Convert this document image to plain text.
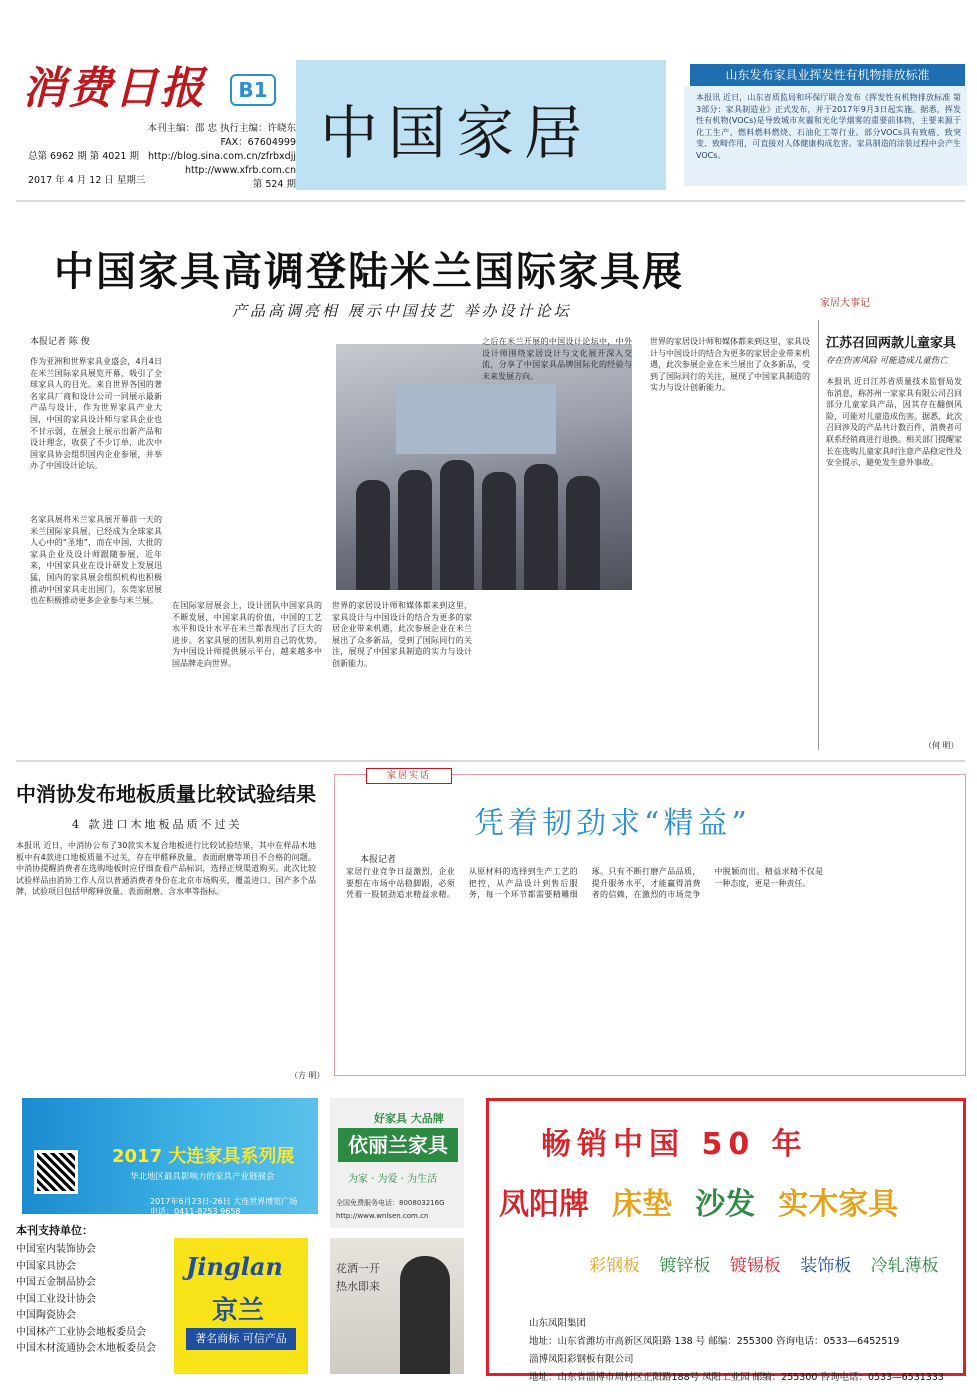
消费日报	B1
本刊主编：邵 忠 执行主编：许晓东
FAX：67604999
http://blog.sina.com.cn/zfrbxdjj
http://www.xfrb.com.cn
第 524 期
总第 6962 期 第 4021 期
2017 年 4 月 12 日 星期三
中国家居
山东发布家具业挥发性有机物排放标准
本报讯 近日，山东省质监局和环保厅联合发布《挥发性有机物排放标准 第3部分：家具制造业》正式发布，并于2017年9月3日起实施。据悉，挥发性有机物(VOCs)是导致城市灰霾和光化学烟雾的重要前体物，主要来源于化工生产、燃料燃料燃烧、石油化工等行业。部分VOCs具有致癌、致突变、致畸作用，可直接对人体健康构成危害。家具制造的涂装过程中会产生VOCs。
中国家具高调登陆米兰国际家具展
产品高调亮相 展示中国技艺 举办设计论坛	家居大事记
本报记者 陈 俊
作为亚洲和世界家具业盛会，4月4日在米兰国际家具展览开幕，吸引了全球家具人的目光。来自世界各国的著名家具厂商和设计公司一同展示最新产品与设计，作为世界家具产业大国，中国的家具设计师与家具企业也不甘示弱，在展会上展示出新产品和设计理念，收获了不少订单，此次中国家具协会组织国内企业参展，并举办了中国设计论坛。
名家具展将米兰家具展开幕前一天的米兰国际家具展，已经成为全球家具人心中的“圣地”，而在中国，大批的家具企业及设计师跟随参展，近年来，中国家具业在设计研发上发展迅猛，国内的家具展会组织机构也积极推动中国家具走出国门，东莞家居展也在积极推动更多企业参与米兰展。
在国际家居展会上，设计团队中国家具的不断发展，中国家具的价值，中国的工艺水平和设计水平在米兰都表现出了巨大的进步。名家具展的团队利用自己的优势，为中国设计师提供展示平台，越来越多中国品牌走向世界。
世界的家居设计师和媒体都来到这里，家具设计与中国设计的结合为更多的家居企业带来机遇，此次参展企业在米兰展出了众多新品，受到了国际同行的关注，展现了中国家具制造的实力与设计创新能力。
之后在米兰开展的中国设计论坛中，中外设计师围绕家居设计与文化展开深入交流，分享了中国家具品牌国际化的经验与未来发展方向。
世界的家居设计师和媒体都来到这里，家具设计与中国设计的结合为更多的家居企业带来机遇，此次参展企业在米兰展出了众多新品，受到了国际同行的关注，展现了中国家具制造的实力与设计创新能力。
江苏召回两款儿童家具
存在伤害风险 可能造成儿童伤亡
本报讯 近日江苏省质量技术监督局发布消息，称苏州一家家具有限公司召回部分儿童家具产品，因其存在翻倒风险，可能对儿童造成伤害。据悉，此次召回涉及的产品共计数百件，消费者可联系经销商进行退换。相关部门提醒家长在选购儿童家具时注意产品稳定性及安全提示，避免发生意外事故。
（何 明）
中消协发布地板质量比较试验结果
4 款进口木地板品质不过关
本报讯 近日，中消协公布了30款实木复合地板进行比较试验结果，其中在样品木地板中有4款进口地板质量不过关，存在甲醛释放量、表面耐磨等项目不合格的问题。中消协提醒消费者在选购地板时应仔细查看产品标识，选择正规渠道购买。此次比较试验样品由消协工作人员以普通消费者身份在北京市场购买，覆盖进口、国产多个品牌，试验项目包括甲醛释放量、表面耐磨、含水率等指标。
（方 明）
家居实话
凭着韧劲求“精益”
本报记者
家居行业竞争日益激烈，企业要想在市场中站稳脚跟，必须凭着一股韧劲追求精益求精。从原材料的选择到生产工艺的把控，从产品设计到售后服务，每一个环节都需要精雕细琢。只有不断打磨产品品质，提升服务水平，才能赢得消费者的信赖，在激烈的市场竞争中脱颖而出。精益求精不仅是一种态度，更是一种责任。
2017 大连家具系列展
华北地区最具影响力的家具产业链展会
2017年6月23日-26日 大连世界博览广场
电话：0411-8253 9658
本刊支持单位：
中国室内装饰协会
中国家具协会
中国五金制品协会
中国工业设计协会
中国陶瓷协会
中国林产工业协会地板委员会
中国木材流通协会木地板委员会
好家具 大品牌
依丽兰家具
为家 · 为爱 · 为生活
全国免费服务电话：800803216G
http://www.wnlsen.com.cn
Jinglan
京兰
著名商标 可信产品
花洒一开
热水即来
畅销中国 50 年
凤阳牌 床垫 沙发 实木家具
彩钢板 镀锌板 镀锡板 装饰板 冷轧薄板
山东凤阳集团
地址：山东省潍坊市高新区凤阳路 138 号 邮编：255300 咨询电话：0533—6452519
淄博凤阳彩钢板有限公司
地址：山东省淄博市周村区正阳路188号 凤阳工业园 邮编：255300 咨询电话：0533—6531333
